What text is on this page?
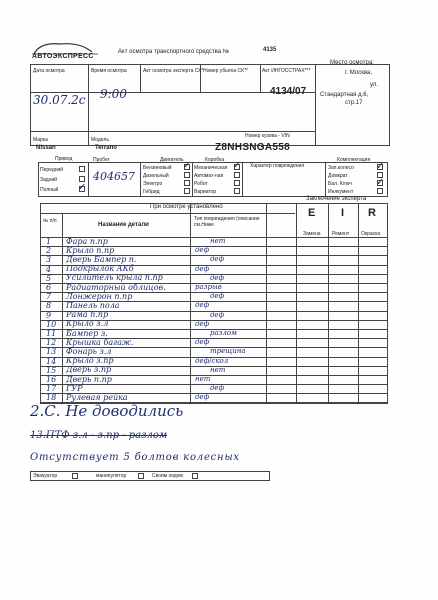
АВТОЭКСПРЕСС
Акт осмотра транспортного средства №	4135
Дата осмотра
30.07.2с
Время осмотра
9:00
Акт осмотра эксперта СК* Номер убытка СК**	Акт ИНГОССТРАХ***
4134/07
Место осмотра:
г. Москва,
ул.
Стандартная д.6,
стр.17
Марка
Nissan
Модель
Terrano
Номер кузова - VIN
Z8NHSNGA558
Привод
Передний
Задний
Полный ✓
Пробег
404657
Двигатель
Бензиновый
Дизельный
Электро
Гибрид
✓	Коробка
Механическая
Автомат-ная
Робот
Вариатор
✓ Характер повреждения
Комплектация
Зап.колесо
Домкрат
Бал. Ключ
Инлкумент
✓
✓
При осмотре установлено
Заключение эксперта
№ п/п
Название детали
Тип повреждения (описание см.Ниже
E I R
Замена Ремонт Окраска
1 Фара п.пр	нет
2 Крыло п.пр	деф
3 Дверь Бампер п.	деф
4 Подкрылок АКб	деф
5 Усилитель крыла п.пр	деф
6 Радиаторный облицов.	разрыв
7 Лонжерон п.пр	деф
8 Панель пола	деф
9 Рама п.пр	деф
10 Крыло з.л	деф
11 Бампер з.	разлом
12 Крышка багаж.	деф
13 Фонарь з.л	трещина
14 Крыло з.пр	деф/скол
15 Дверь з.пр	нет
16 Дверь п.пр	нет
17 ГУР	деф
18 Рулевая рейка	деф
2.С. Не доводились
13.ПТФ з.л - з.пр - разлом
Отсутствует 5 болтов колесных
Эвакуатор	манипулятор	Своим ходом
